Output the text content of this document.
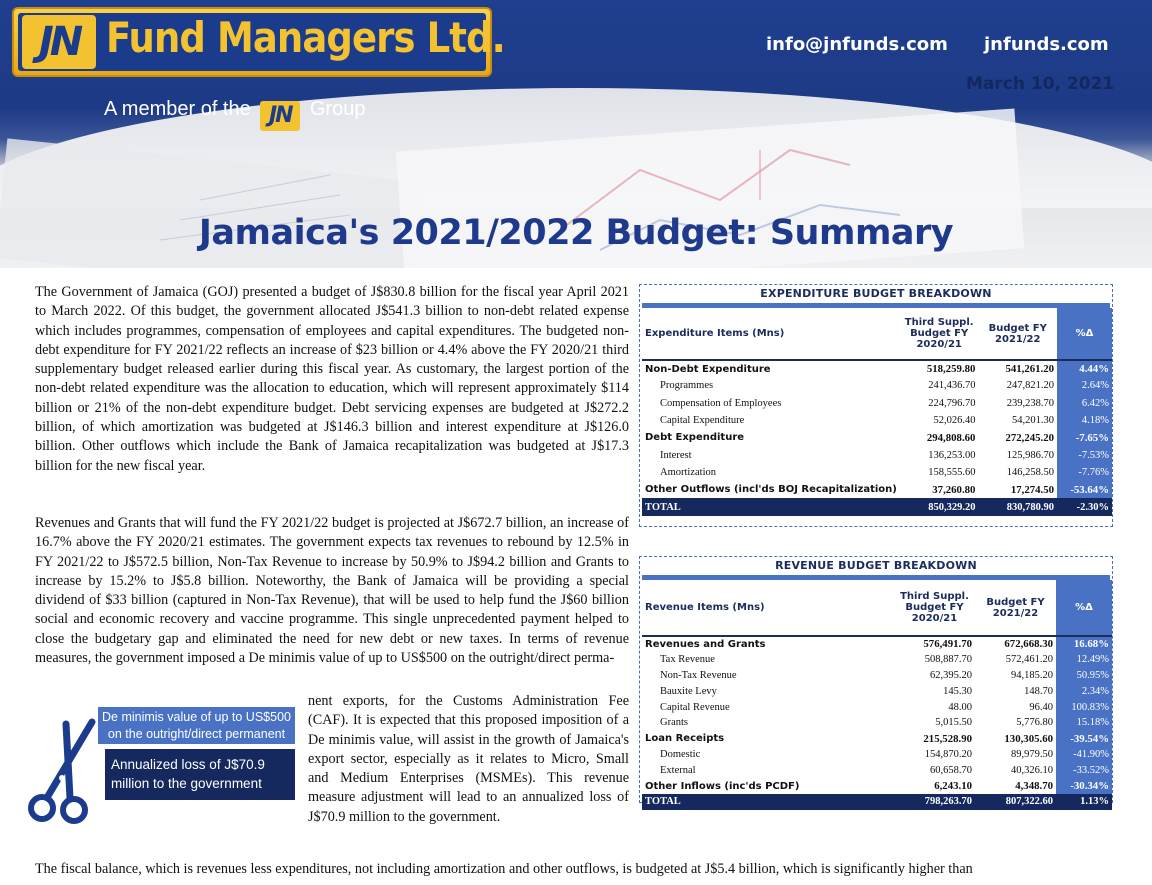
JN Fund Managers Ltd.
A member of the JN Group
info@jnfunds.com jnfunds.com
March 10, 2021
Jamaica's 2021/2022 Budget: Summary

The Government of Jamaica (GOJ) presented a budget of J$830.8 billion for the fiscal year April 2021 to March 2022. Of this budget, the government allocated J$541.3 billion to non-debt related expense which includes programmes, compensation of employees and capital expenditures. The budgeted non-debt expenditure for FY 2021/22 reflects an increase of $23 billion or 4.4% above the FY 2020/21 third supplementary budget released earlier during this fiscal year. As customary, the largest portion of the non-debt related expenditure was the allocation to education, which will represent approximately $114 billion or 21% of the non-debt expenditure budget. Debt servicing expenses are budgeted at J$272.2 billion, of which amortization was budgeted at J$146.3 billion and interest expenditure at J$126.0 billion. Other outflows which include the Bank of Jamaica recapitalization was budgeted at J$17.3 billion for the new fiscal year.

Revenues and Grants that will fund the FY 2021/22 budget is projected at J$672.7 billion, an increase of 16.7% above the FY 2020/21 estimates. The government expects tax revenues to rebound by 12.5% in FY 2021/22 to J$572.5 billion, Non-Tax Revenue to increase by 50.9% to J$94.2 billion and Grants to increase by 15.2% to J$5.8 billion. Noteworthy, the Bank of Jamaica will be providing a special dividend of $33 billion (captured in Non-Tax Revenue), that will be used to help fund the J$60 billion social and economic recovery and vaccine programme. This single unprecedented payment helped to close the budgetary gap and eliminated the need for new debt or new taxes. In terms of revenue measures, the government imposed a De minimis value of up to US$500 on the outright/direct perma-

nent exports, for the Customs Administration Fee (CAF). It is expected that this proposed imposition of a De minimis value, will assist in the growth of Jamaica's export sector, especially as it relates to Micro, Small and Medium Enterprises (MSMEs). This revenue measure adjustment will lead to an annualized loss of J$70.9 million to the government.

The fiscal balance, which is revenues less expenditures, not including amortization and other outflows, is budgeted at J$5.4 billion, which is significantly higher than

De minimis value of up to US$500 on the outright/direct permanent
Annualized loss of J$70.9 million to the government
EXPENDITURE BUDGET BREAKDOWN
Expenditure Items (Mns)	Third Suppl. Budget FY 2020/21	Budget FY 2021/22	%Δ
Non-Debt Expenditure	518,259.80	541,261.20	4.44%
Programmes	241,436.70	247,821.20	2.64%
Compensation of Employees	224,796.70	239,238.70	6.42%
Capital Expenditure	52,026.40	54,201.30	4.18%
Debt Expenditure	294,808.60	272,245.20	-7.65%
Interest	136,253.00	125,986.70	-7.53%
Amortization	158,555.60	146,258.50	-7.76%
Other Outflows (incl'ds BOJ Recapitalization)	37,260.80	17,274.50	-53.64%
TOTAL	850,329.20	830,780.90	-2.30%
REVENUE BUDGET BREAKDOWN
Revenue Items (Mns)	Third Suppl. Budget FY 2020/21	Budget FY 2021/22	%Δ
Revenues and Grants	576,491.70	672,668.30	16.68%
Tax Revenue	508,887.70	572,461.20	12.49%
Non-Tax Revenue	62,395.20	94,185.20	50.95%
Bauxite Levy	145.30	148.70	2.34%
Capital Revenue	48.00	96.40	100.83%
Grants	5,015.50	5,776.80	15.18%
Loan Receipts	215,528.90	130,305.60	-39.54%
Domestic	154,870.20	89,979.50	-41.90%
External	60,658.70	40,326.10	-33.52%
Other Inflows (inc'ds PCDF)	6,243.10	4,348.70	-30.34%
TOTAL	798,263.70	807,322.60	1.13%
